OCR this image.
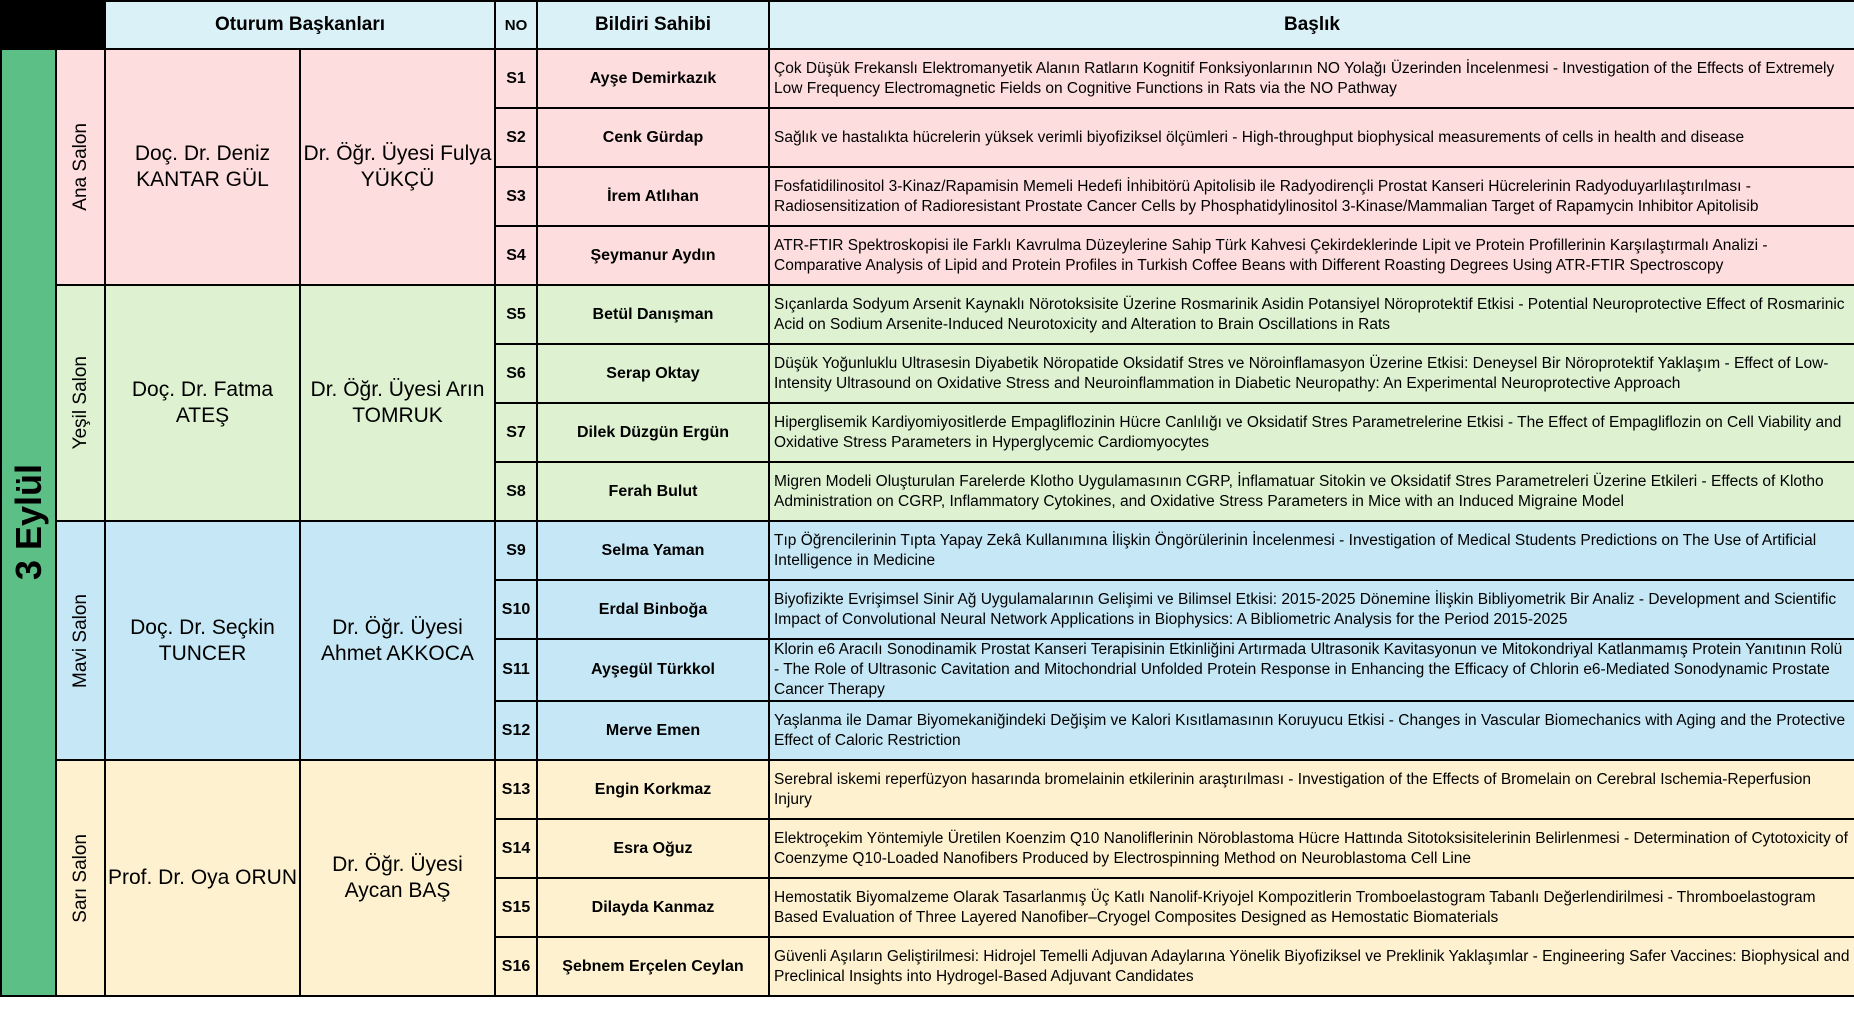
		Oturum Başkanları		NO	Bildiri Sahibi	Başlık

3 Eylül	Ana Salon	Doç. Dr. Deniz KANTAR GÜL	Dr. Öğr. Üyesi Fulya YÜKÇÜ	S1	Ayşe Demirkazık	Çok Düşük Frekanslı Elektromanyetik Alanın Ratların Kognitif Fonksiyonlarının NO Yolağı Üzerinden İncelenmesi - Investigation of the Effects of Extremely Low Frequency Electromagnetic Fields on Cognitive Functions in Rats via the NO Pathway
				S2	Cenk Gürdap	Sağlık ve hastalıkta hücrelerin yüksek verimli biyofiziksel ölçümleri - High-throughput biophysical measurements of cells in health and disease
				S3	İrem Atlıhan	Fosfatidilinositol 3-Kinaz/Rapamisin Memeli Hedefi İnhibitörü Apitolisib ile Radyodirençli Prostat Kanseri Hücrelerinin Radyoduyarlılaştırılması - Radiosensitization of Radioresistant Prostate Cancer Cells by Phosphatidylinositol 3-Kinase/Mammalian Target of Rapamycin Inhibitor Apitolisib
				S4	Şeymanur Aydın	ATR-FTIR Spektroskopisi ile Farklı Kavrulma Düzeylerine Sahip Türk Kahvesi Çekirdeklerinde Lipit ve Protein Profillerinin Karşılaştırmalı Analizi - Comparative Analysis of Lipid and Protein Profiles in Turkish Coffee Beans with Different Roasting Degrees Using ATR-FTIR Spectroscopy

	Yeşil Salon	Doç. Dr. Fatma ATEŞ	Dr. Öğr. Üyesi Arın TOMRUK	S5	Betül Danışman	Sıçanlarda Sodyum Arsenit Kaynaklı Nörotoksisite Üzerine Rosmarinik Asidin Potansiyel Nöroprotektif Etkisi - Potential Neuroprotective Effect of Rosmarinic Acid on Sodium Arsenite-Induced Neurotoxicity and Alteration to Brain Oscillations in Rats
				S6	Serap Oktay	Düşük Yoğunluklu Ultrasesin Diyabetik Nöropatide Oksidatif Stres ve Nöroinflamasyon Üzerine Etkisi: Deneysel Bir Nöroprotektif Yaklaşım - Effect of Low-Intensity Ultrasound on Oxidative Stress and Neuroinflammation in Diabetic Neuropathy: An Experimental Neuroprotective Approach
				S7	Dilek Düzgün Ergün	Hiperglisemik Kardiyomiyositlerde Empagliflozinin Hücre Canlılığı ve Oksidatif Stres Parametrelerine Etkisi - The Effect of Empagliflozin on Cell Viability and Oxidative Stress Parameters in Hyperglycemic Cardiomyocytes
				S8	Ferah Bulut	Migren Modeli Oluşturulan Farelerde Klotho Uygulamasının CGRP, İnflamatuar Sitokin ve Oksidatif Stres Parametreleri Üzerine Etkileri - Effects of Klotho Administration on CGRP, Inflammatory Cytokines, and Oxidative Stress Parameters in Mice with an Induced Migraine Model

	Mavi Salon	Doç. Dr. Seçkin TUNCER	Dr. Öğr. Üyesi Ahmet AKKOCA	S9	Selma Yaman	Tıp Öğrencilerinin Tıpta Yapay Zekâ Kullanımına İlişkin Öngörülerinin İncelenmesi - Investigation of Medical Students Predictions on The Use of Artificial Intelligence in Medicine
				S10	Erdal Binboğa	Biyofizikte Evrişimsel Sinir Ağ Uygulamalarının Gelişimi ve Bilimsel Etkisi: 2015-2025 Dönemine İlişkin Bibliyometrik Bir Analiz - Development and Scientific Impact of Convolutional Neural Network Applications in Biophysics: A Bibliometric Analysis for the Period 2015-2025
				S11	Ayşegül Türkkol	Klorin e6 Aracılı Sonodinamik Prostat Kanseri Terapisinin Etkinliğini Artırmada Ultrasonik Kavitasyonun ve Mitokondriyal Katlanmamış Protein Yanıtının Rolü - The Role of Ultrasonic Cavitation and Mitochondrial Unfolded Protein Response in Enhancing the Efficacy of Chlorin e6-Mediated Sonodynamic Prostate Cancer Therapy
				S12	Merve Emen	Yaşlanma ile Damar Biyomekaniğindeki Değişim ve Kalori Kısıtlamasının Koruyucu Etkisi - Changes in Vascular Biomechanics with Aging and the Protective Effect of Caloric Restriction

	Sarı Salon	Prof. Dr. Oya ORUN	Dr. Öğr. Üyesi Aycan BAŞ	S13	Engin Korkmaz	Serebral iskemi reperfüzyon hasarında bromelainin etkilerinin araştırılması - Investigation of the Effects of Bromelain on Cerebral Ischemia-Reperfusion Injury
				S14	Esra Oğuz	Elektroçekim Yöntemiyle Üretilen Koenzim Q10 Nanoliflerinin Nöroblastoma Hücre Hattında Sitotoksisitelerinin Belirlenmesi - Determination of Cytotoxicity of Coenzyme Q10-Loaded Nanofibers Produced by Electrospinning Method on Neuroblastoma Cell Line
				S15	Dilayda Kanmaz	Hemostatik Biyomalzeme Olarak Tasarlanmış Üç Katlı Nanolif-Kriyojel Kompozitlerin Tromboelastogram Tabanlı Değerlendirilmesi - Thromboelastogram Based Evaluation of Three Layered Nanofiber–Cryogel Composites Designed as Hemostatic Biomaterials
				S16	Şebnem Erçelen Ceylan	Güvenli Aşıların Geliştirilmesi: Hidrojel Temelli Adjuvan Adaylarına Yönelik Biyofiziksel ve Preklinik Yaklaşımlar - Engineering Safer Vaccines: Biophysical and Preclinical Insights into Hydrogel-Based Adjuvant Candidates
